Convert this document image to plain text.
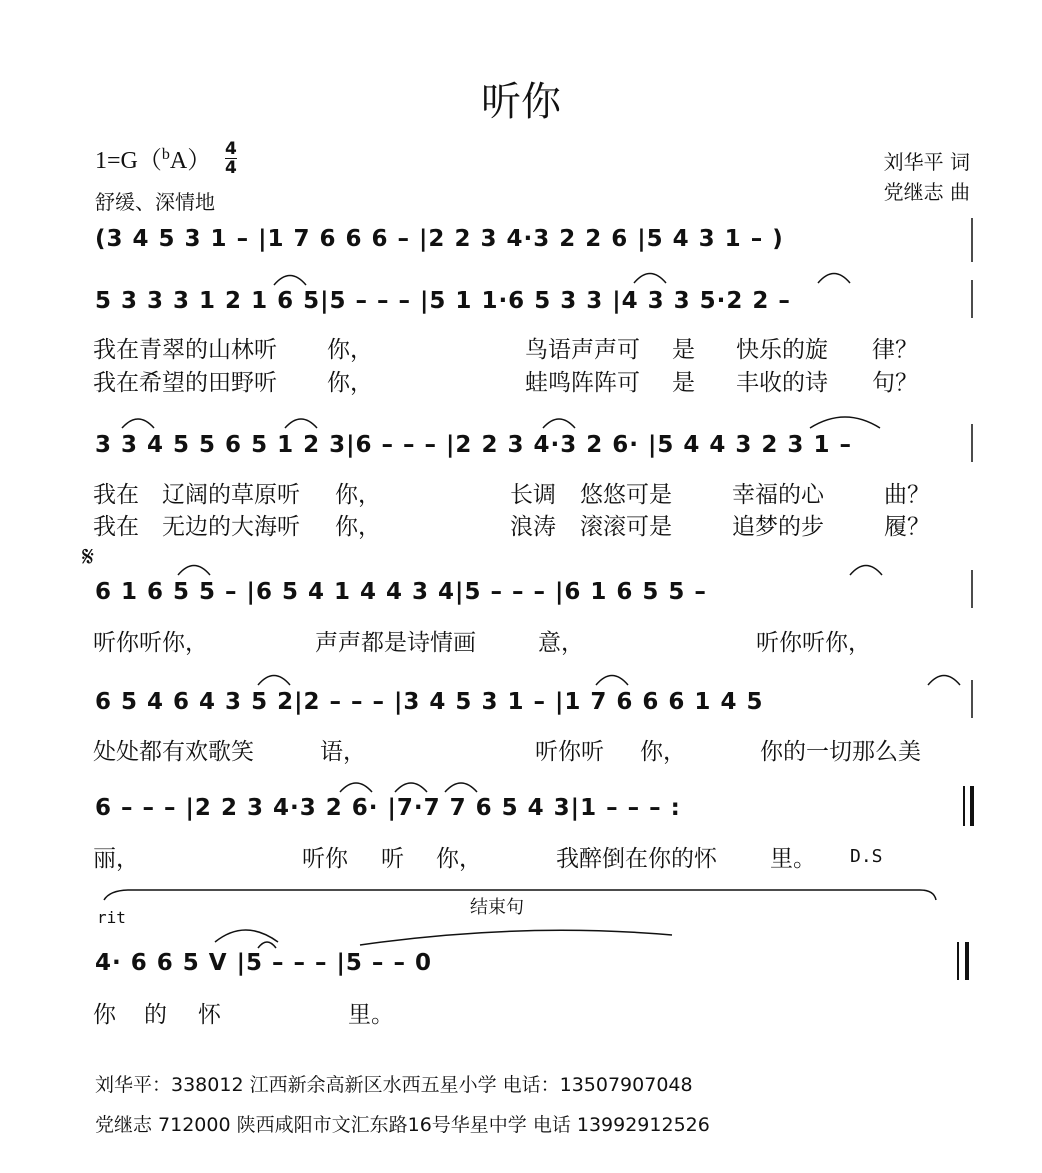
听你
1=G（$^b$A） 4
4
舒缓、深情地
刘华平 词
党继志 曲
(3 4 5 3 1 – |1 7 6 6 6 – |2 2 3 4·3 2 2 6 |5 4 3 1 – )
5 3 3 3 1 2 1 6 5|5 – – – |5 1 1·6 5 3 3 |4 3 3 5·2 2 –
3 3 4 5 5 6 5 1 2 3|6 – – – |2 2 3 4·3 2 6· |5 4 4 3 2 3 1 –
6 1 6 5 5 – |6 5 4 1 4 4 3 4|5 – – – |6 1 6 5 5 –
6 5 4 6 4 3 5 2|2 – – – |3 4 5 3 1 – |1 7 6 6 6 1 4 5
6 – – – |2 2 3 4·3 2 6· |7·7 7 6 5 4 3|1 – – – :
4· 6 6 5 V |5 – – – |5 – – 0
我在青翠的山林听 你，	鸟语声声可 是 快乐的旋 律？
我在希望的田野听 你，	蛙鸣阵阵可 是 丰收的诗 句？
我在 辽阔的草原听 你，	长调 悠悠可是	幸福的心	曲？
我在 无边的大海听 你，	浪涛 滚滚可是	追梦的步	履？
𝄋
听你听你，	声声都是诗情画	意，	听你听你，
处处都有欢歌笑	语，	听你听 你，	你的一切那么美
丽，	听你 听 你，	我醉倒在你的怀 里。 D.S
rit	结束句
你 的 怀	里。
刘华平：338012 江西新余高新区水西五星小学 电话：13507907048
党继志 712000 陕西咸阳市文汇东路16号华星中学 电话 13992912526
